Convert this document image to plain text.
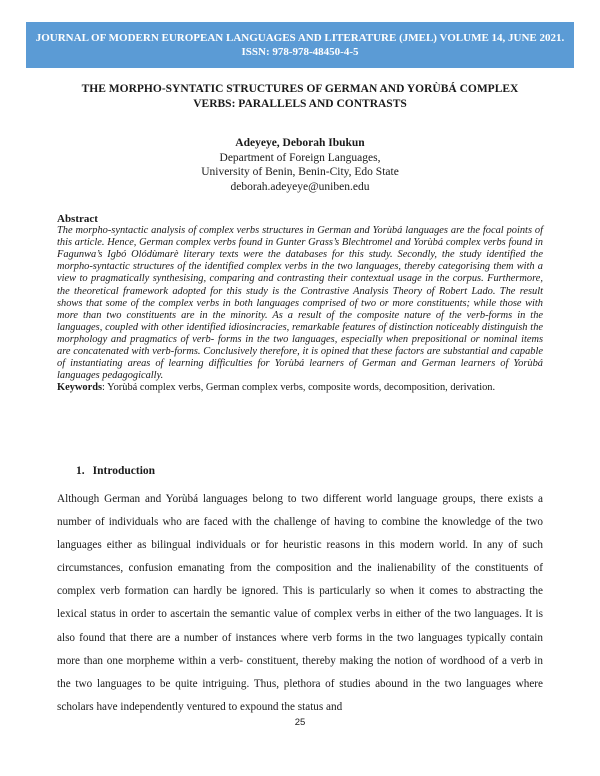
JOURNAL OF MODERN EUROPEAN LANGUAGES AND LITERATURE (JMEL) VOLUME 14, JUNE 2021.
ISSN: 978-978-48450-4-5
THE MORPHO-SYNTATIC STRUCTURES OF GERMAN AND YORÙBÁ COMPLEX VERBS: PARALLELS AND CONTRASTS
Adeyeye, Deborah Ibukun
Department of Foreign Languages,
University of Benin, Benin-City, Edo State
deborah.adeyeye@uniben.edu
Abstract
The morpho-syntactic analysis of complex verbs structures in German and Yorùbá languages are the focal points of this article. Hence, German complex verbs found in Gunter Grass’s Blechtromel and Yorùbá complex verbs found in Fagunwa’s Igbó Olódùmarè literary texts were the databases for this study. Secondly, the study identified the morpho-syntactic structures of the identified complex verbs in the two languages, thereby categorising them with a view to pragmatically synthesising, comparing and contrasting their contextual usage in the corpus. Furthermore, the theoretical framework adopted for this study is the Contrastive Analysis Theory of Robert Lado. The result shows that some of the complex verbs in both languages comprised of two or more constituents; while those with more than two constituents are in the minority. As a result of the composite nature of the verb-forms in the languages, coupled with other identified idiosincracies, remarkable features of distinction noticeably distinguish the morphology and pragmatics of verb- forms in the two languages, especially when prepositional or nominal items are concatenated with verb-forms. Conclusively therefore, it is opined that these factors are substantial and capable of instantiating areas of learning difficulties for Yorùbá learners of German and German learners of Yorùbá languages pedagogically.
Keywords: Yorùbá complex verbs, German complex verbs, composite words, decomposition, derivation.
1. Introduction
Although German and Yorùbá languages belong to two different world language groups, there exists a number of individuals who are faced with the challenge of having to combine the knowledge of the two languages either as bilingual individuals or for heuristic reasons in this modern world. In any of such circumstances, confusion emanating from the composition and the inalienability of the constituents of complex verb formation can hardly be ignored. This is particularly so when it comes to abstracting the lexical status in order to ascertain the semantic value of complex verbs in either of the two languages. It is also found that there are a number of instances where verb forms in the two languages typically contain more than one morpheme within a verb- constituent, thereby making the notion of wordhood of a verb in the two languages to be quite intriguing. Thus, plethora of studies abound in the two languages where scholars have independently ventured to expound the status and
25
